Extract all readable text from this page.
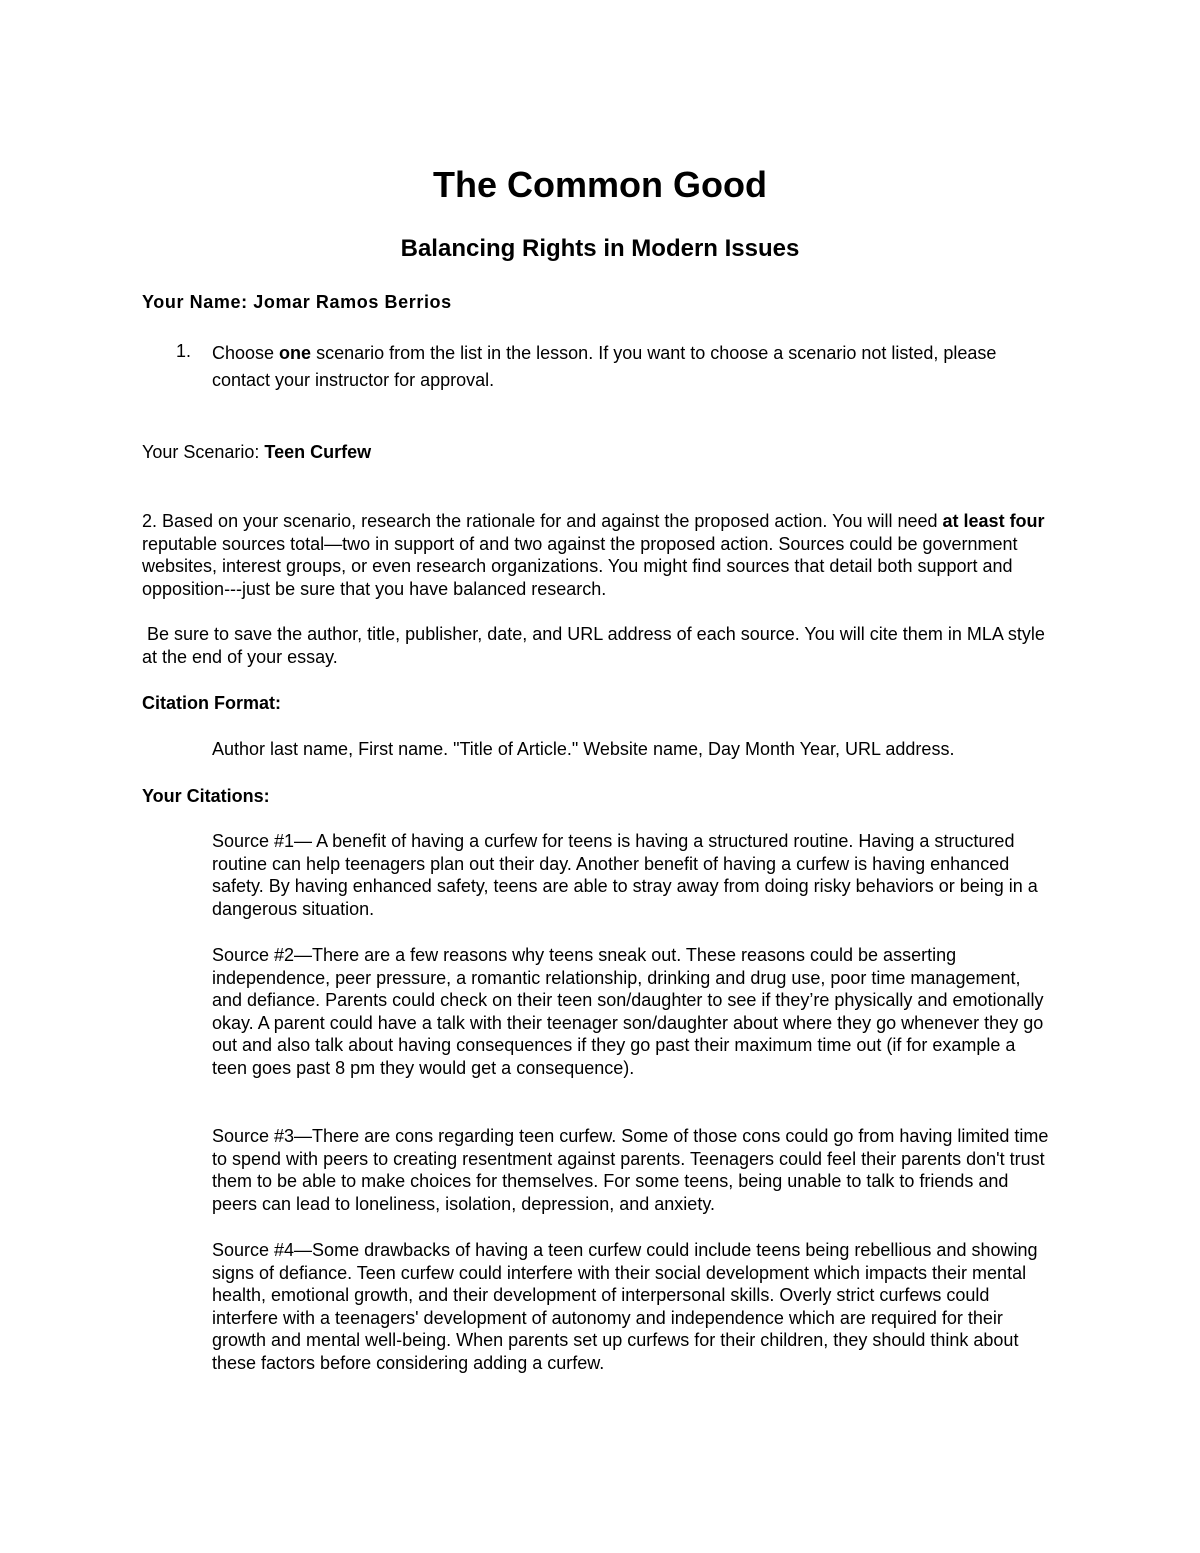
The Common Good
Balancing Rights in Modern Issues

Your Name: Jomar Ramos Berrios

1. Choose one scenario from the list in the lesson. If you want to choose a scenario not listed, please contact your instructor for approval.
Your Scenario: Teen Curfew
2. Based on your scenario, research the rationale for and against the proposed action. You will need at least four reputable sources total—two in support of and two against the proposed action. Sources could be government websites, interest groups, or even research organizations. You might find sources that detail both support and opposition---just be sure that you have balanced research.
Be sure to save the author, title, publisher, date, and URL address of each source. You will cite them in MLA style at the end of your essay.
Citation Format:
Author last name, First name. "Title of Article." Website name, Day Month Year, URL address.
Your Citations:
Source #1— A benefit of having a curfew for teens is having a structured routine. Having a structured routine can help teenagers plan out their day. Another benefit of having a curfew is having enhanced safety. By having enhanced safety, teens are able to stray away from doing risky behaviors or being in a dangerous situation.
Source #2—There are a few reasons why teens sneak out. These reasons could be asserting independence, peer pressure, a romantic relationship, drinking and drug use, poor time management, and defiance. Parents could check on their teen son/daughter to see if they’re physically and emotionally okay. A parent could have a talk with their teenager son/daughter about where they go whenever they go out and also talk about having consequences if they go past their maximum time out (if for example a teen goes past 8 pm they would get a consequence).
Source #3—There are cons regarding teen curfew. Some of those cons could go from having limited time to spend with peers to creating resentment against parents. Teenagers could feel their parents don't trust them to be able to make choices for themselves. For some teens, being unable to talk to friends and peers can lead to loneliness, isolation, depression, and anxiety.
Source #4—Some drawbacks of having a teen curfew could include teens being rebellious and showing signs of defiance. Teen curfew could interfere with their social development which impacts their mental health, emotional growth, and their development of interpersonal skills. Overly strict curfews could interfere with a teenagers' development of autonomy and independence which are required for their growth and mental well-being. When parents set up curfews for their children, they should think about these factors before considering adding a curfew.
